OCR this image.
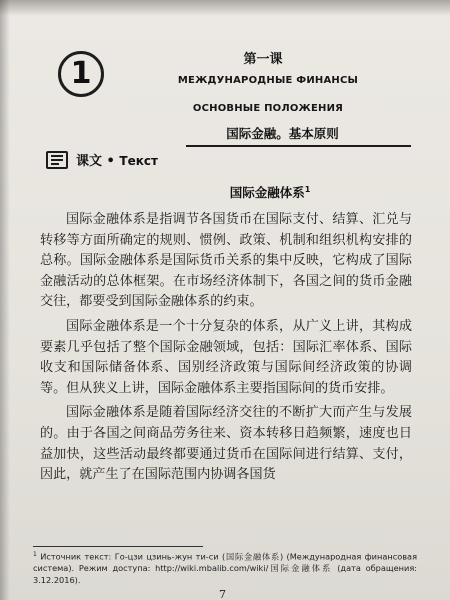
1	第一课
МЕЖДУНАРОДНЫЕ ФИНАНСЫ
ОСНОВНЫЕ ПОЛОЖЕНИЯ
国际金融。基本原则
课文 • Текст
国际金融体系$^1$

国际金融体系是指调节各国货币在国际支付、结算、汇兑与转移等方面所确定的规则、惯例、政策、机制和组织机构安排的总称。国际金融体系是国际货币关系的集中反映，它构成了国际金融活动的总体框架。在市场经济体制下，各国之间的货币金融交往，都要受到国际金融体系的约束。

国际金融体系是一个十分复杂的体系，从广义上讲，其构成要素几乎包括了整个国际金融领域，包括：国际汇率体系、国际收支和国际储备体系、国别经济政策与国际间经济政策的协调等。但从狭义上讲，国际金融体系主要指国际间的货币安排。

国际金融体系是随着国际经济交往的不断扩大而产生与发展的。由于各国之间商品劳务往来、资本转移日趋频繁，速度也日益加快，这些活动最终都要通过货币在国际间进行结算、支付，因此，就产生了在国际范围内协调各国货

$^1$ Источник текст: Го-цзи цзинь-жун ти-си (国际金融体系) (Международная финансовая система). Режим доступа: http://wiki.mbalib.com/wiki/国际金融体系 (дата обращения: 3.12.2016).
7
